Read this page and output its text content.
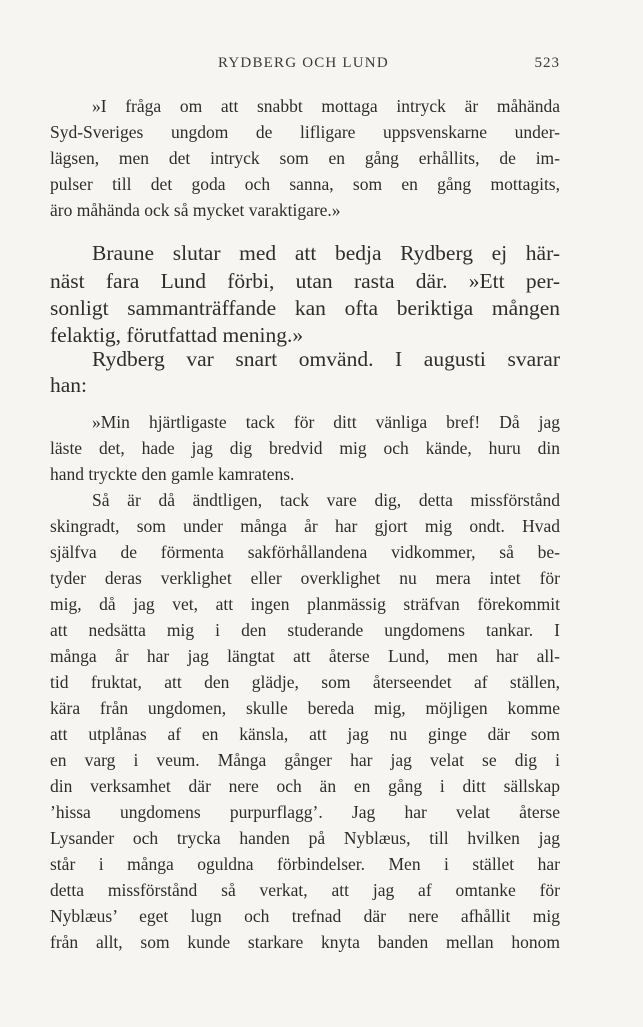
RYDBERG OCH LUND	523
»I fråga om att snabbt mottaga intryck är måhända
Syd-Sveriges ungdom de lifligare uppsvenskarne under-
lägsen, men det intryck som en gång erhållits, de im-
pulser till det goda och sanna, som en gång mottagits,
äro måhända ock så mycket varaktigare.»
Braune slutar med att bedja Rydberg ej här-
näst fara Lund förbi, utan rasta där. »Ett per-
sonligt sammanträffande kan ofta beriktiga mången
felaktig, förutfattad mening.»
Rydberg var snart omvänd. I augusti svarar
han:
»Min hjärtligaste tack för ditt vänliga bref! Då jag
läste det, hade jag dig bredvid mig och kände, huru din
hand tryckte den gamle kamratens.
Så är då ändtligen, tack vare dig, detta missförstånd
skingradt, som under många år har gjort mig ondt. Hvad
själfva de förmenta sakförhållandena vidkommer, så be-
tyder deras verklighet eller overklighet nu mera intet för
mig, då jag vet, att ingen planmässig sträfvan förekommit
att nedsätta mig i den studerande ungdomens tankar. I
många år har jag längtat att återse Lund, men har all-
tid fruktat, att den glädje, som återseendet af ställen,
kära från ungdomen, skulle bereda mig, möjligen komme
att utplånas af en känsla, att jag nu ginge där som
en varg i veum. Många gånger har jag velat se dig i
din verksamhet där nere och än en gång i ditt sällskap
’hissa ungdomens purpurflagg’. Jag har velat återse
Lysander och trycka handen på Nyblæus, till hvilken jag
står i många oguldna förbindelser. Men i stället har
detta missförstånd så verkat, att jag af omtanke för
Nyblæus’ eget lugn och trefnad där nere afhållit mig
från allt, som kunde starkare knyta banden mellan honom
